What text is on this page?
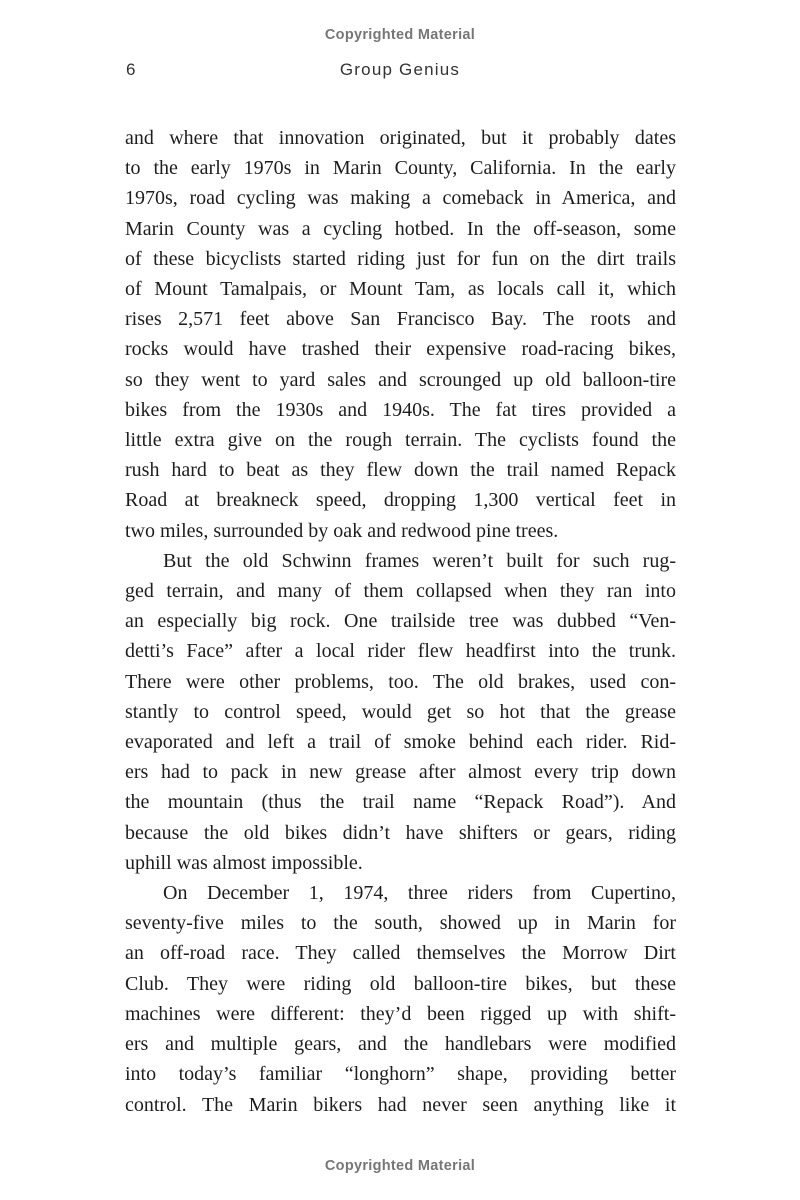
Copyrighted Material
6	Group Genius
and where that innovation originated, but it probably dates
to the early 1970s in Marin County, California. In the early
1970s, road cycling was making a comeback in America, and
Marin County was a cycling hotbed. In the off-season, some
of these bicyclists started riding just for fun on the dirt trails
of Mount Tamalpais, or Mount Tam, as locals call it, which
rises 2,571 feet above San Francisco Bay. The roots and
rocks would have trashed their expensive road-racing bikes,
so they went to yard sales and scrounged up old balloon-tire
bikes from the 1930s and 1940s. The fat tires provided a
little extra give on the rough terrain. The cyclists found the
rush hard to beat as they flew down the trail named Repack
Road at breakneck speed, dropping 1,300 vertical feet in
two miles, surrounded by oak and redwood pine trees.
But the old Schwinn frames weren’t built for such rug-
ged terrain, and many of them collapsed when they ran into
an especially big rock. One trailside tree was dubbed “Ven-
detti’s Face” after a local rider flew headfirst into the trunk.
There were other problems, too. The old brakes, used con-
stantly to control speed, would get so hot that the grease
evaporated and left a trail of smoke behind each rider. Rid-
ers had to pack in new grease after almost every trip down
the mountain (thus the trail name “Repack Road”). And
because the old bikes didn’t have shifters or gears, riding
uphill was almost impossible.
On December 1, 1974, three riders from Cupertino,
seventy-five miles to the south, showed up in Marin for
an off-road race. They called themselves the Morrow Dirt
Club. They were riding old balloon-tire bikes, but these
machines were different: they’d been rigged up with shift-
ers and multiple gears, and the handlebars were modified
into today’s familiar “longhorn” shape, providing better
control. The Marin bikers had never seen anything like it
Copyrighted Material
